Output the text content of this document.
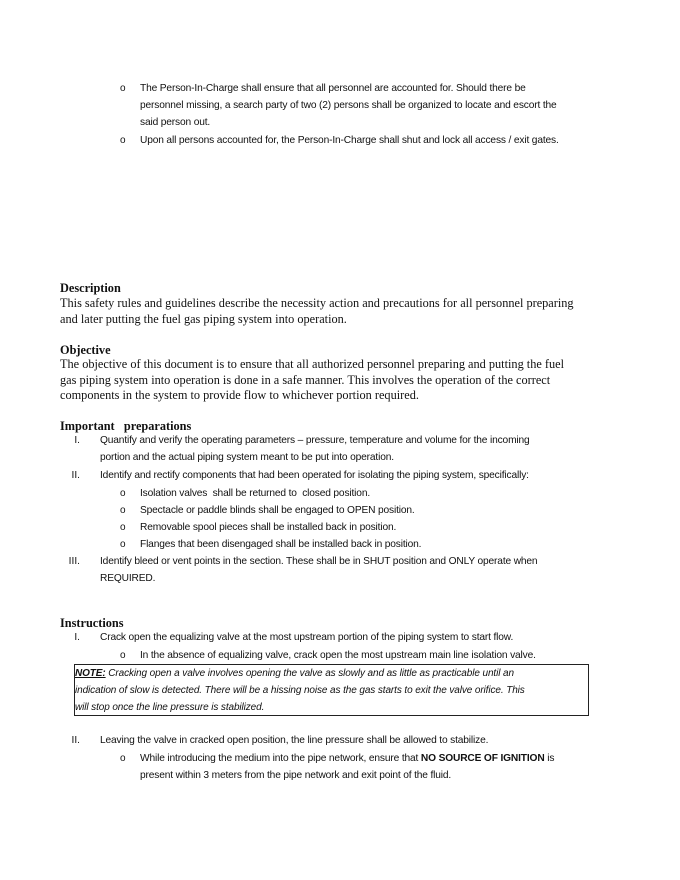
o The Person-In-Charge shall ensure that all personnel are accounted for. Should there be
personnel missing, a search party of two (2) persons shall be organized to locate and escort the
said person out.
o Upon all persons accounted for, the Person-In-Charge shall shut and lock all access / exit gates.
Description
This safety rules and guidelines describe the necessity action and precautions for all personnel preparing
and later putting the fuel gas piping system into operation.
Objective
The objective of this document is to ensure that all authorized personnel preparing and putting the fuel
gas piping system into operation is done in a safe manner. This involves the operation of the correct
components in the system to provide flow to whichever portion required.
Important   preparations
I. Quantify and verify the operating parameters – pressure, temperature and volume for the incoming
portion and the actual piping system meant to be put into operation.
II. Identify and rectify components that had been operated for isolating the piping system, specifically:
o Isolation valves  shall be returned to  closed position.
o Spectacle or paddle blinds shall be engaged to OPEN position.
o Removable spool pieces shall be installed back in position.
o Flanges that been disengaged shall be installed back in position.
III. Identify bleed or vent points in the section. These shall be in SHUT position and ONLY operate when
REQUIRED.
Instructions
I. Crack open the equalizing valve at the most upstream portion of the piping system to start flow.
o In the absence of equalizing valve, crack open the most upstream main line isolation valve.
NOTE: Cracking open a valve involves opening the valve as slowly and as little as practicable until an
indication of slow is detected. There will be a hissing noise as the gas starts to exit the valve orifice. This
will stop once the line pressure is stabilized.
II. Leaving the valve in cracked open position, the line pressure shall be allowed to stabilize.
o While introducing the medium into the pipe network, ensure that NO SOURCE OF IGNITION is
present within 3 meters from the pipe network and exit point of the fluid.
